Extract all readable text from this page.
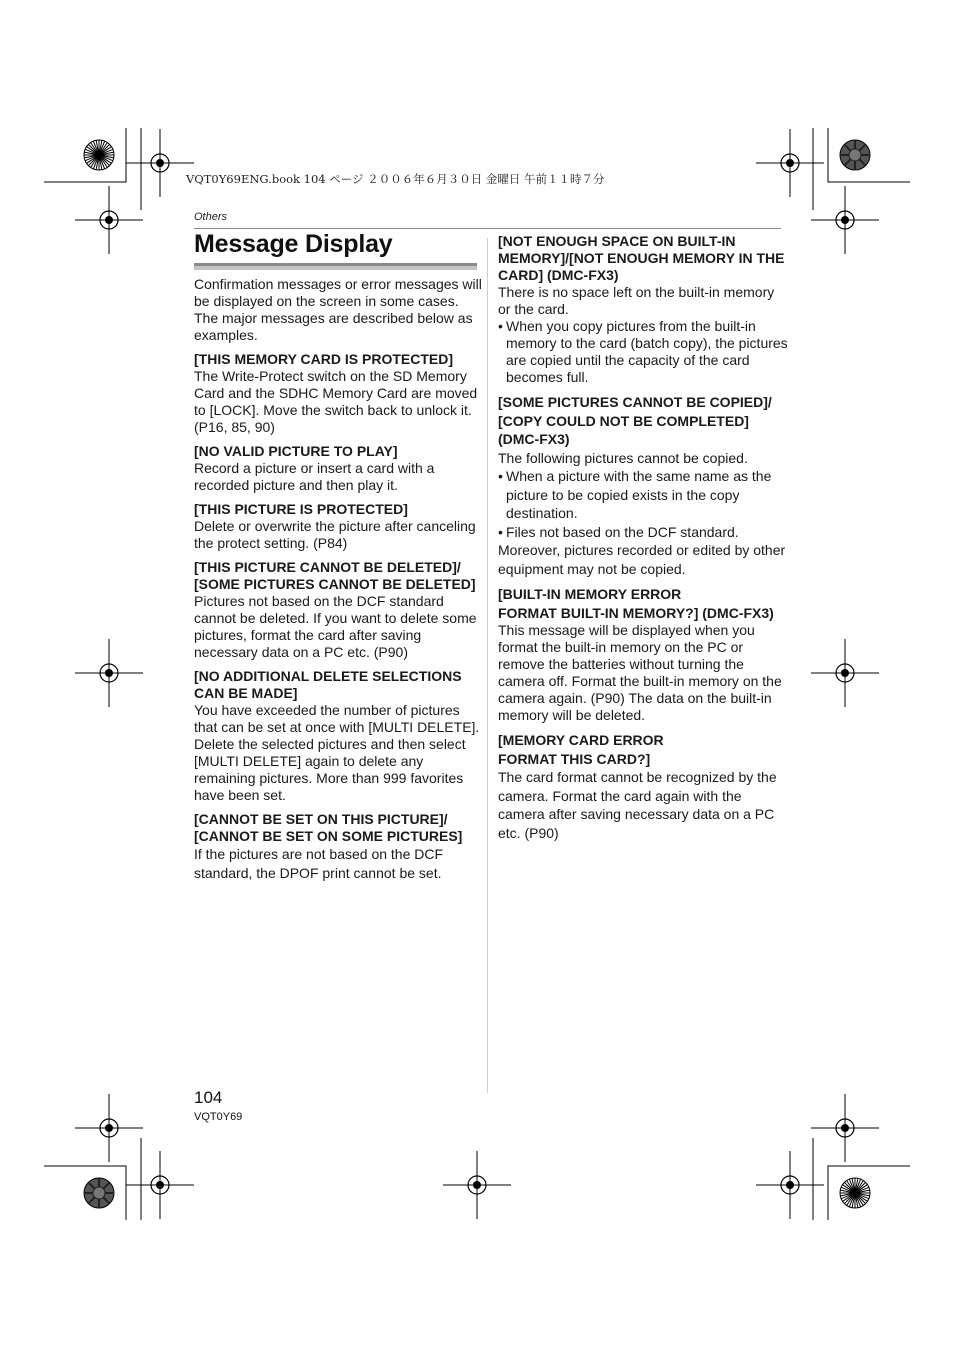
VQT0Y69ENG.book 104 ページ ２００６年６月３０日 金曜日 午前１１時７分
Others
Message Display

Confirmation messages or error messages will be displayed on the screen in some cases.

The major messages are described below as examples.

[THIS MEMORY CARD IS PROTECTED]

The Write-Protect switch on the SD Memory Card and the SDHC Memory Card are moved to [LOCK]. Move the switch back to unlock it. (P16, 85, 90)

[NO VALID PICTURE TO PLAY]

Record a picture or insert a card with a recorded picture and then play it.

[THIS PICTURE IS PROTECTED]

Delete or overwrite the picture after canceling the protect setting. (P84)

[THIS PICTURE CANNOT BE DELETED]/ [SOME PICTURES CANNOT BE DELETED]

Pictures not based on the DCF standard cannot be deleted. If you want to delete some pictures, format the card after saving necessary data on a PC etc. (P90)

[NO ADDITIONAL DELETE SELECTIONS CAN BE MADE]

You have exceeded the number of pictures that can be set at once with [MULTI DELETE]. Delete the selected pictures and then select [MULTI DELETE] again to delete any remaining pictures. More than 999 favorites have been set.

[CANNOT BE SET ON THIS PICTURE]/ [CANNOT BE SET ON SOME PICTURES]

If the pictures are not based on the DCF standard, the DPOF print cannot be set.

[NOT ENOUGH SPACE ON BUILT-IN MEMORY]/[NOT ENOUGH MEMORY IN THE CARD] (DMC-FX3)

There is no space left on the built-in memory or the card.

• When you copy pictures from the built-in memory to the card (batch copy), the pictures are copied until the capacity of the card becomes full.

[SOME PICTURES CANNOT BE COPIED]/

[COPY COULD NOT BE COMPLETED] (DMC-FX3)

The following pictures cannot be copied.

• When a picture with the same name as the picture to be copied exists in the copy destination.
• Files not based on the DCF standard.

Moreover, pictures recorded or edited by other equipment may not be copied.

[BUILT-IN MEMORY ERROR

FORMAT BUILT-IN MEMORY?] (DMC-FX3)

This message will be displayed when you format the built-in memory on the PC or remove the batteries without turning the camera off. Format the built-in memory on the camera again. (P90) The data on the built-in memory will be deleted.

[MEMORY CARD ERROR

FORMAT THIS CARD?]

The card format cannot be recognized by the camera. Format the card again with the camera after saving necessary data on a PC etc. (P90)

104
VQT0Y69
